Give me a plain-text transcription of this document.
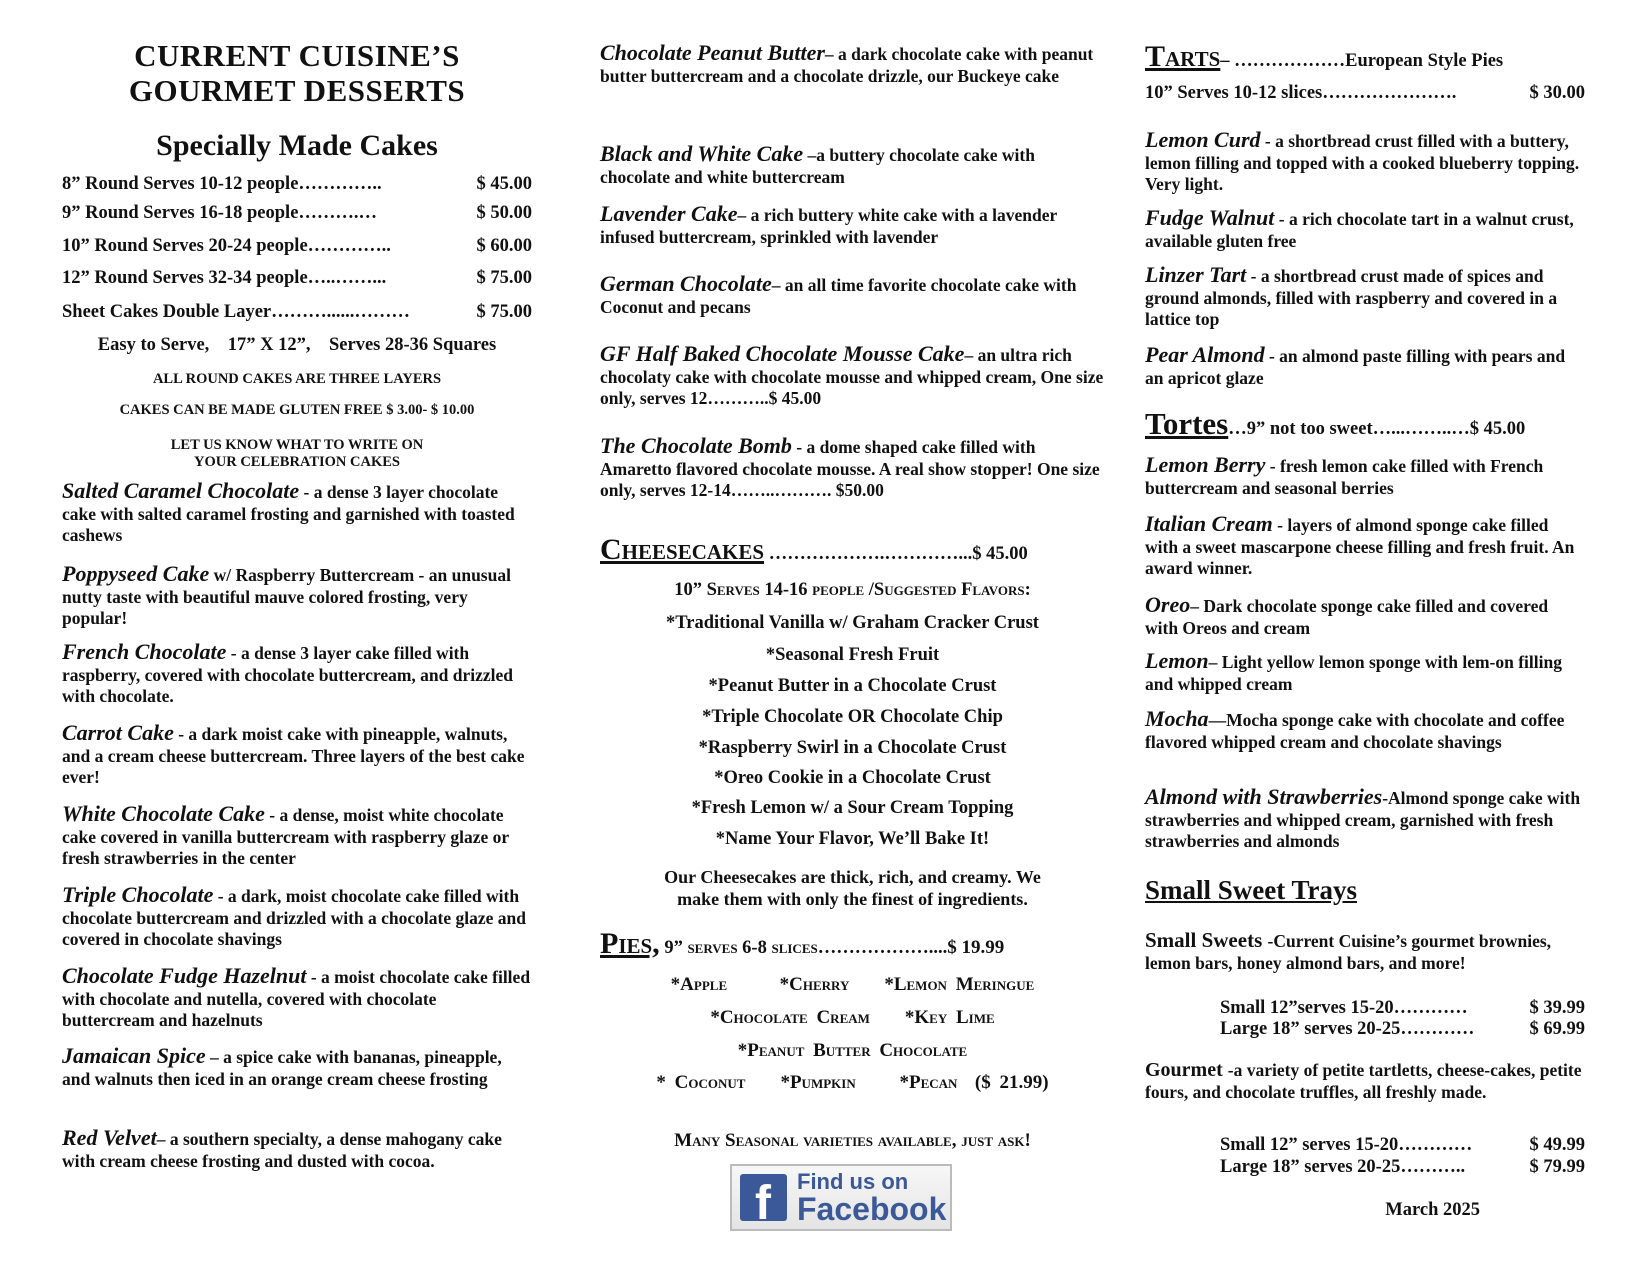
CURRENT CUISINE’S
GOURMET DESSERTS
Specially Made Cakes
Easy to Serve,    17” X 12”,    Serves 28-36 Squares
ALL ROUND CAKES ARE THREE LAYERS
CAKES CAN BE MADE GLUTEN FREE $ 3.00- $ 10.00
LET US KNOW WHAT TO WRITE ON
YOUR CELEBRATION CAKES
Cheesecakes ……………….…………...$ 45.00
10” Serves 14-16 people /Suggested Flavors:
Our Cheesecakes are thick, rich, and creamy. We
make them with only the finest of ingredients.
Pies, 9” serves 6-8 slices………………....$ 19.99
Many Seasonal varieties available, just ask!
f Find us on
Facebook
Tarts– ………………European Style Pies
10” Serves 10-12 slices………………….	$ 30.00
Tortes…9” not too sweet…...……..…$ 45.00
Small Sweet Trays
Small Sweets -Current Cuisine’s gourmet brownies, lemon bars, honey almond bars, and more!
Gourmet -a variety of petite tartletts, cheese-cakes, petite fours, and chocolate truffles, all freshly made.
March 2025
8” Round Serves 10-12 people…………..	$ 45.00
9” Round Serves 16-18 people……….…	$ 50.00
10” Round Serves 20-24 people…………..	$ 60.00
12” Round Serves 32-34 people…..……...	$ 75.00
Sheet Cakes Double Layer………......………	$ 75.00
Salted Caramel Chocolate - a dense 3 layer chocolate cake with salted caramel frosting and garnished with toasted cashews
Poppyseed Cake w/ Raspberry Buttercream - an unusual nutty taste with beautiful mauve colored frosting, very popular!
French Chocolate - a dense 3 layer cake filled with raspberry, covered with chocolate buttercream, and drizzled with chocolate.
Carrot Cake - a dark moist cake with pineapple, walnuts, and a cream cheese buttercream. Three layers of the best cake ever!
White Chocolate Cake - a dense, moist white chocolate cake covered in vanilla buttercream with raspberry glaze or fresh strawberries in the center
Triple Chocolate - a dark, moist chocolate cake filled with chocolate buttercream and drizzled with a chocolate glaze and covered in chocolate shavings
Chocolate Fudge Hazelnut - a moist chocolate cake filled with chocolate and nutella, covered with chocolate buttercream and hazelnuts
Jamaican Spice – a spice cake with bananas, pineapple, and walnuts then iced in an orange cream cheese frosting
Red Velvet– a southern specialty, a dense mahogany cake with cream cheese frosting and dusted with cocoa.
Chocolate Peanut Butter– a dark chocolate cake with peanut butter buttercream and a chocolate drizzle, our Buckeye cake
Black and White Cake –a buttery chocolate cake with chocolate and white buttercream
Lavender Cake– a rich buttery white cake with a lavender infused buttercream, sprinkled with lavender
German Chocolate– an all time favorite chocolate cake with Coconut and pecans
GF Half Baked Chocolate Mousse Cake– an ultra rich chocolaty cake with chocolate mousse and whipped cream, One size only, serves 12………..$ 45.00
The Chocolate Bomb - a dome shaped cake filled with Amaretto flavored chocolate mousse. A real show stopper! One size only, serves 12-14……..………. $50.00
*Traditional Vanilla w/ Graham Cracker Crust
*Seasonal Fresh Fruit
*Peanut Butter in a Chocolate Crust
*Triple Chocolate OR Chocolate Chip
*Raspberry Swirl in a Chocolate Crust
*Oreo Cookie in a Chocolate Crust
*Fresh Lemon w/ a Sour Cream Topping
*Name Your Flavor, We’ll Bake It!
*Apple      *Cherry    *Lemon Meringue
*Chocolate Cream    *Key Lime
*Peanut Butter Chocolate
* Coconut    *Pumpkin     *Pecan  ($ 21.99)
Lemon Curd - a shortbread crust filled with a buttery, lemon filling and topped with a cooked blueberry topping. Very light.
Fudge Walnut - a rich chocolate tart in a walnut crust, available gluten free
Linzer Tart - a shortbread crust made of spices and ground almonds, filled with raspberry and covered in a lattice top
Pear Almond - an almond paste filling with pears and an apricot glaze
Lemon Berry - fresh lemon cake filled with French buttercream and seasonal berries
Italian Cream - layers of almond sponge cake filled with a sweet mascarpone cheese filling and fresh fruit. An award winner.
Oreo– Dark chocolate sponge cake filled and covered with Oreos and cream
Lemon– Light yellow lemon sponge with lem-on filling and whipped cream
Mocha—Mocha sponge cake with chocolate and coffee flavored whipped cream and chocolate shavings
Almond with Strawberries-Almond sponge cake with strawberries and whipped cream, garnished with fresh strawberries and almonds
Small 12”serves 15-20…………	$ 39.99
Large 18” serves 20-25…………	$ 69.99
Small 12” serves 15-20…………	$ 49.99
Large 18” serves 20-25………..	$ 79.99
